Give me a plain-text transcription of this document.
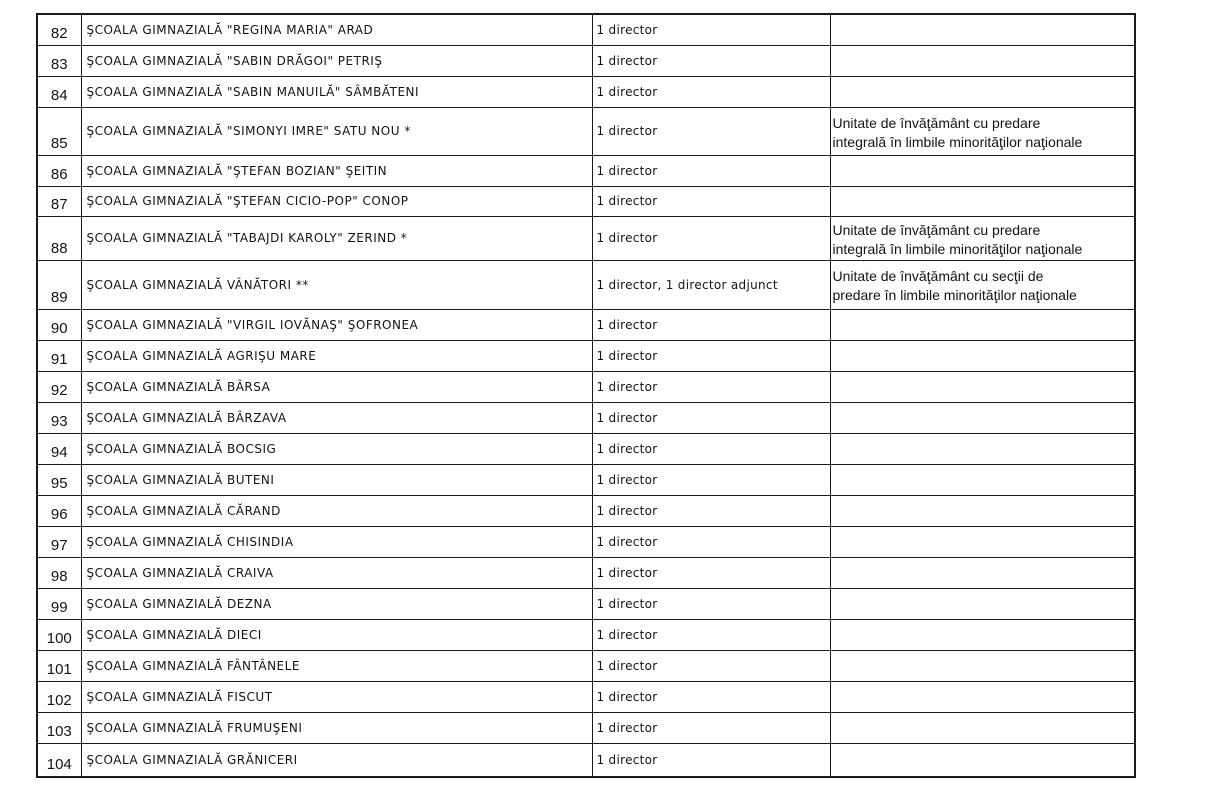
82	ŞCOALA GIMNAZIALĂ "REGINA MARIA" ARAD	1 director	
83	ŞCOALA GIMNAZIALĂ "SABIN DRĂGOI" PETRIŞ	1 director	
84	ŞCOALA GIMNAZIALĂ "SABIN MANUILĂ" SÂMBĂTENI	1 director	
85	ŞCOALA GIMNAZIALĂ "SIMONYI IMRE" SATU NOU *	1 director	Unitate de învăţământ cu predare
integrală în limbile minorităţilor naţionale

86	ŞCOALA GIMNAZIALĂ "ŞTEFAN BOZIAN" ŞEITIN	1 director	
87	ŞCOALA GIMNAZIALĂ "ŞTEFAN CICIO-POP" CONOP	1 director	
88	ŞCOALA GIMNAZIALĂ "TABAJDI KAROLY" ZERIND *	1 director	Unitate de învăţământ cu predare
integrală în limbile minorităţilor naţionale

89	ŞCOALA GIMNAZIALĂ VÂNĂTORI **	1 director, 1 director adjunct	Unitate de învăţământ cu secţii de
predare în limbile minorităţilor naţionale

90	ŞCOALA GIMNAZIALĂ "VIRGIL IOVĂNAŞ" ŞOFRONEA	1 director	
91	ŞCOALA GIMNAZIALĂ AGRIŞU MARE	1 director	
92	ŞCOALA GIMNAZIALĂ BÂRSA	1 director	
93	ŞCOALA GIMNAZIALĂ BÂRZAVA	1 director	
94	ŞCOALA GIMNAZIALĂ BOCSIG	1 director	
95	ŞCOALA GIMNAZIALĂ BUTENI	1 director	
96	ŞCOALA GIMNAZIALĂ CĂRAND	1 director	
97	ŞCOALA GIMNAZIALĂ CHISINDIA	1 director	
98	ŞCOALA GIMNAZIALĂ CRAIVA	1 director	
99	ŞCOALA GIMNAZIALĂ DEZNA	1 director	
100	ŞCOALA GIMNAZIALĂ DIECI	1 director	
101	ŞCOALA GIMNAZIALĂ FÂNTÂNELE	1 director	
102	ŞCOALA GIMNAZIALĂ FISCUT	1 director	
103	ŞCOALA GIMNAZIALĂ FRUMUŞENI	1 director	
104	ŞCOALA GIMNAZIALĂ GRĂNICERI	1 director	
